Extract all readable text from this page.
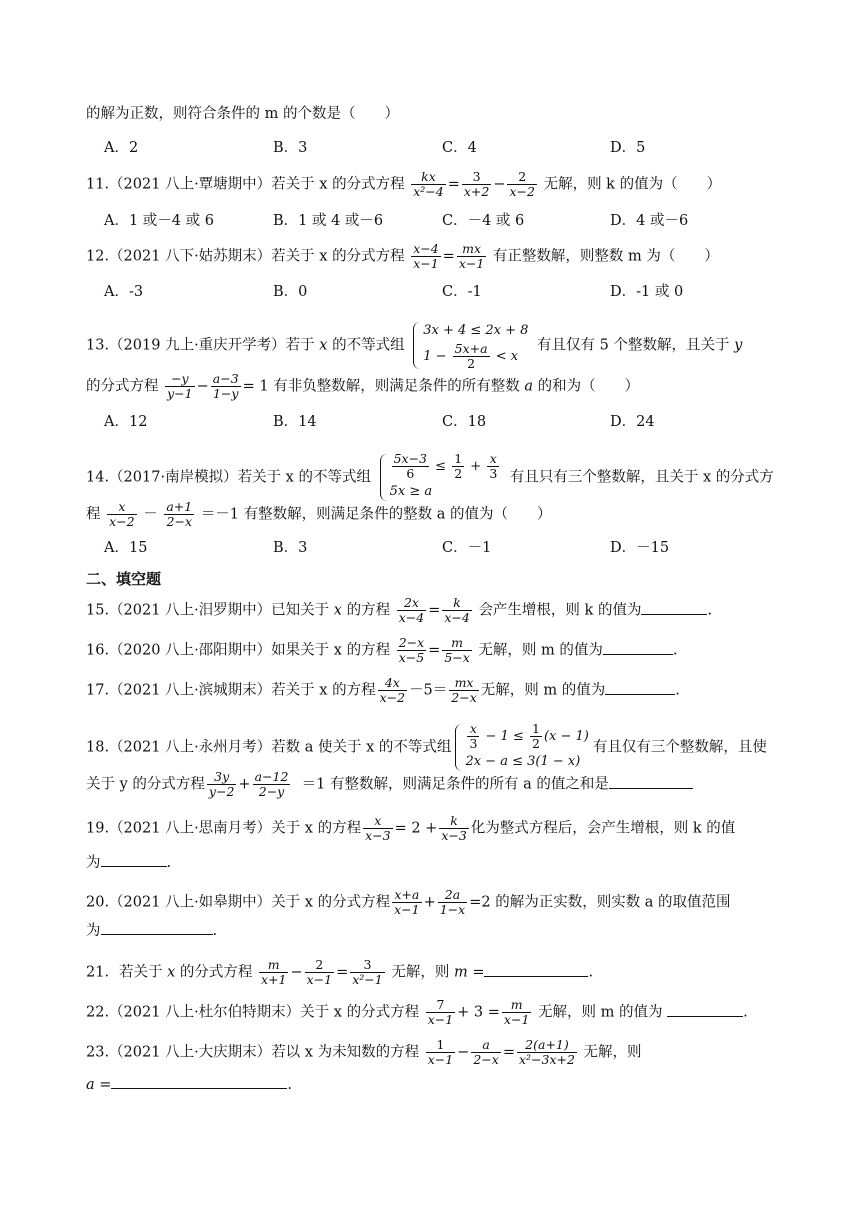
的解为正数，则符合条件的 m 的个数是（　　）
A．2	B．3	C．4	D．5
11.（2021 八上·覃塘期中）若关于 x 的分式方程 $\frac{kx}{\text{x²−4}} = \frac{3}{x+2} - \frac{2}{x-2}$ 无解，则 k 的值为（　　）
A．1 或－4 或 6	B．1 或 4 或－6	C．－4 或 6	D．4 或－6
12.（2021 八下·姑苏期末）若关于 x 的分式方程 $\frac{x-4}{x-1} = \frac{mx}{x-1}$ 有正整数解，则整数 m 为（　　）
A．-3	B．0	C．-1	D．-1 或 0
13.（2019 九上·重庆开学考）若于 x 的不等式组
3x + 4 ≤ 2x + 8
$1 - \frac{5x+a}{2} < x$
有且仅有 5 个整数解，且关于 y
的分式方程 $\frac{-y}{y-1} - \frac{a-3}{1-y} = 1$ 有非负整数解，则满足条件的所有整数 a 的和为（　　）
A．12	B．14	C．18	D．24
14.（2017·南岸模拟）若关于 x 的不等式组 $\frac{5x-3}{6} \le \frac{1}{2} + \frac{x}{3}$
5x ≥ a
有且只有三个整数解，且关于 x 的分式方
程 $\frac{x}{x-2} - \frac{a+1}{2-x} =-1$ 有整数解，则满足条件的整数 a 的值为（　　）
A．15	B．3	C．－1	D．－15
二、填空题
15.（2021 八上·汨罗期中）已知关于 x 的方程 $\frac{2x}{x-4} = \frac{k}{x-4}$ 会产生增根，则 k 的值为	.
16.（2020 八上·邵阳期中）如果关于 x 的方程 $\frac{2-x}{x-5} = \frac{m}{5-x}$ 无解，则 m 的值为	.
17.（2021 八上·滨城期末）若关于 x 的方程 $\frac{4x}{x-2} -5= \frac{mx}{2-x}$ 无解，则 m 的值为	.
18.（2021 八上·永州月考）若数 a 使关于 x 的不等式组 $\frac{x}{3} - 1 \le \frac{1}{2} (x - 1)$
2x − a ≤ 3(1 − x)
有且仅有三个整数解，且使
关于 y 的分式方程 $\frac{3y}{y-2} + \frac{a-12}{2-y} =1$ 有整数解，则满足条件的所有 a 的值之和是
19.（2021 八上·思南月考）关于 x 的方程 $\frac{x}{x-3} = 2 + \frac{k}{x-3}$ 化为整式方程后，会产生增根，则 k 的值
为	.
20.（2021 八上·如皋期中）关于 x 的分式方程 $\frac{x+a}{x-1} + \frac{2a}{1-x} =2$ 的解为正实数，则实数 a 的取值范围
为	.
21．若关于 x 的分式方程 $\frac{m}{x+1} - \frac{2}{x-1} = \frac{3}{\text{x²−1}}$ 无解，则 m =	.
22.（2021 八上·杜尔伯特期末）关于 x 的分式方程 $\frac{7}{x-1} + 3 = \frac{m}{x-1}$ 无解，则 m 的值为	.
23.（2021 八上·大庆期末）若以 x 为未知数的方程 $\frac{1}{x-1} - \frac{a}{2-x} = \frac{2(a+1)}{\text{x²−3x+2}}$ 无解，则
a =	.
